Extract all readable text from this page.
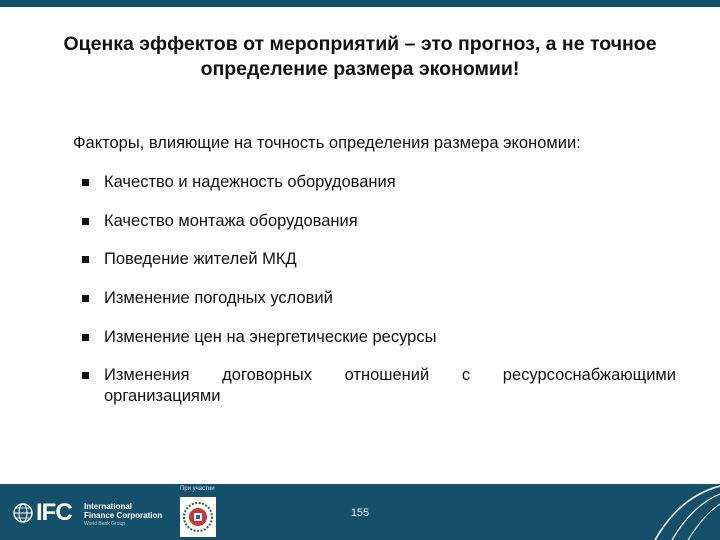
Оценка эффектов от мероприятий – это прогноз, а не точное
определение размера экономии!
Факторы, влияющие на точность определения размера экономии:
Качество и надежность оборудования
Качество монтажа оборудования
Поведение жителей МКД
Изменение погодных условий
Изменение цен на энергетические ресурсы
Изменения договорных отношений с ресурсоснабжающими организациями
IFC International
Finance Corporation
World Bank Group
При участии
155
